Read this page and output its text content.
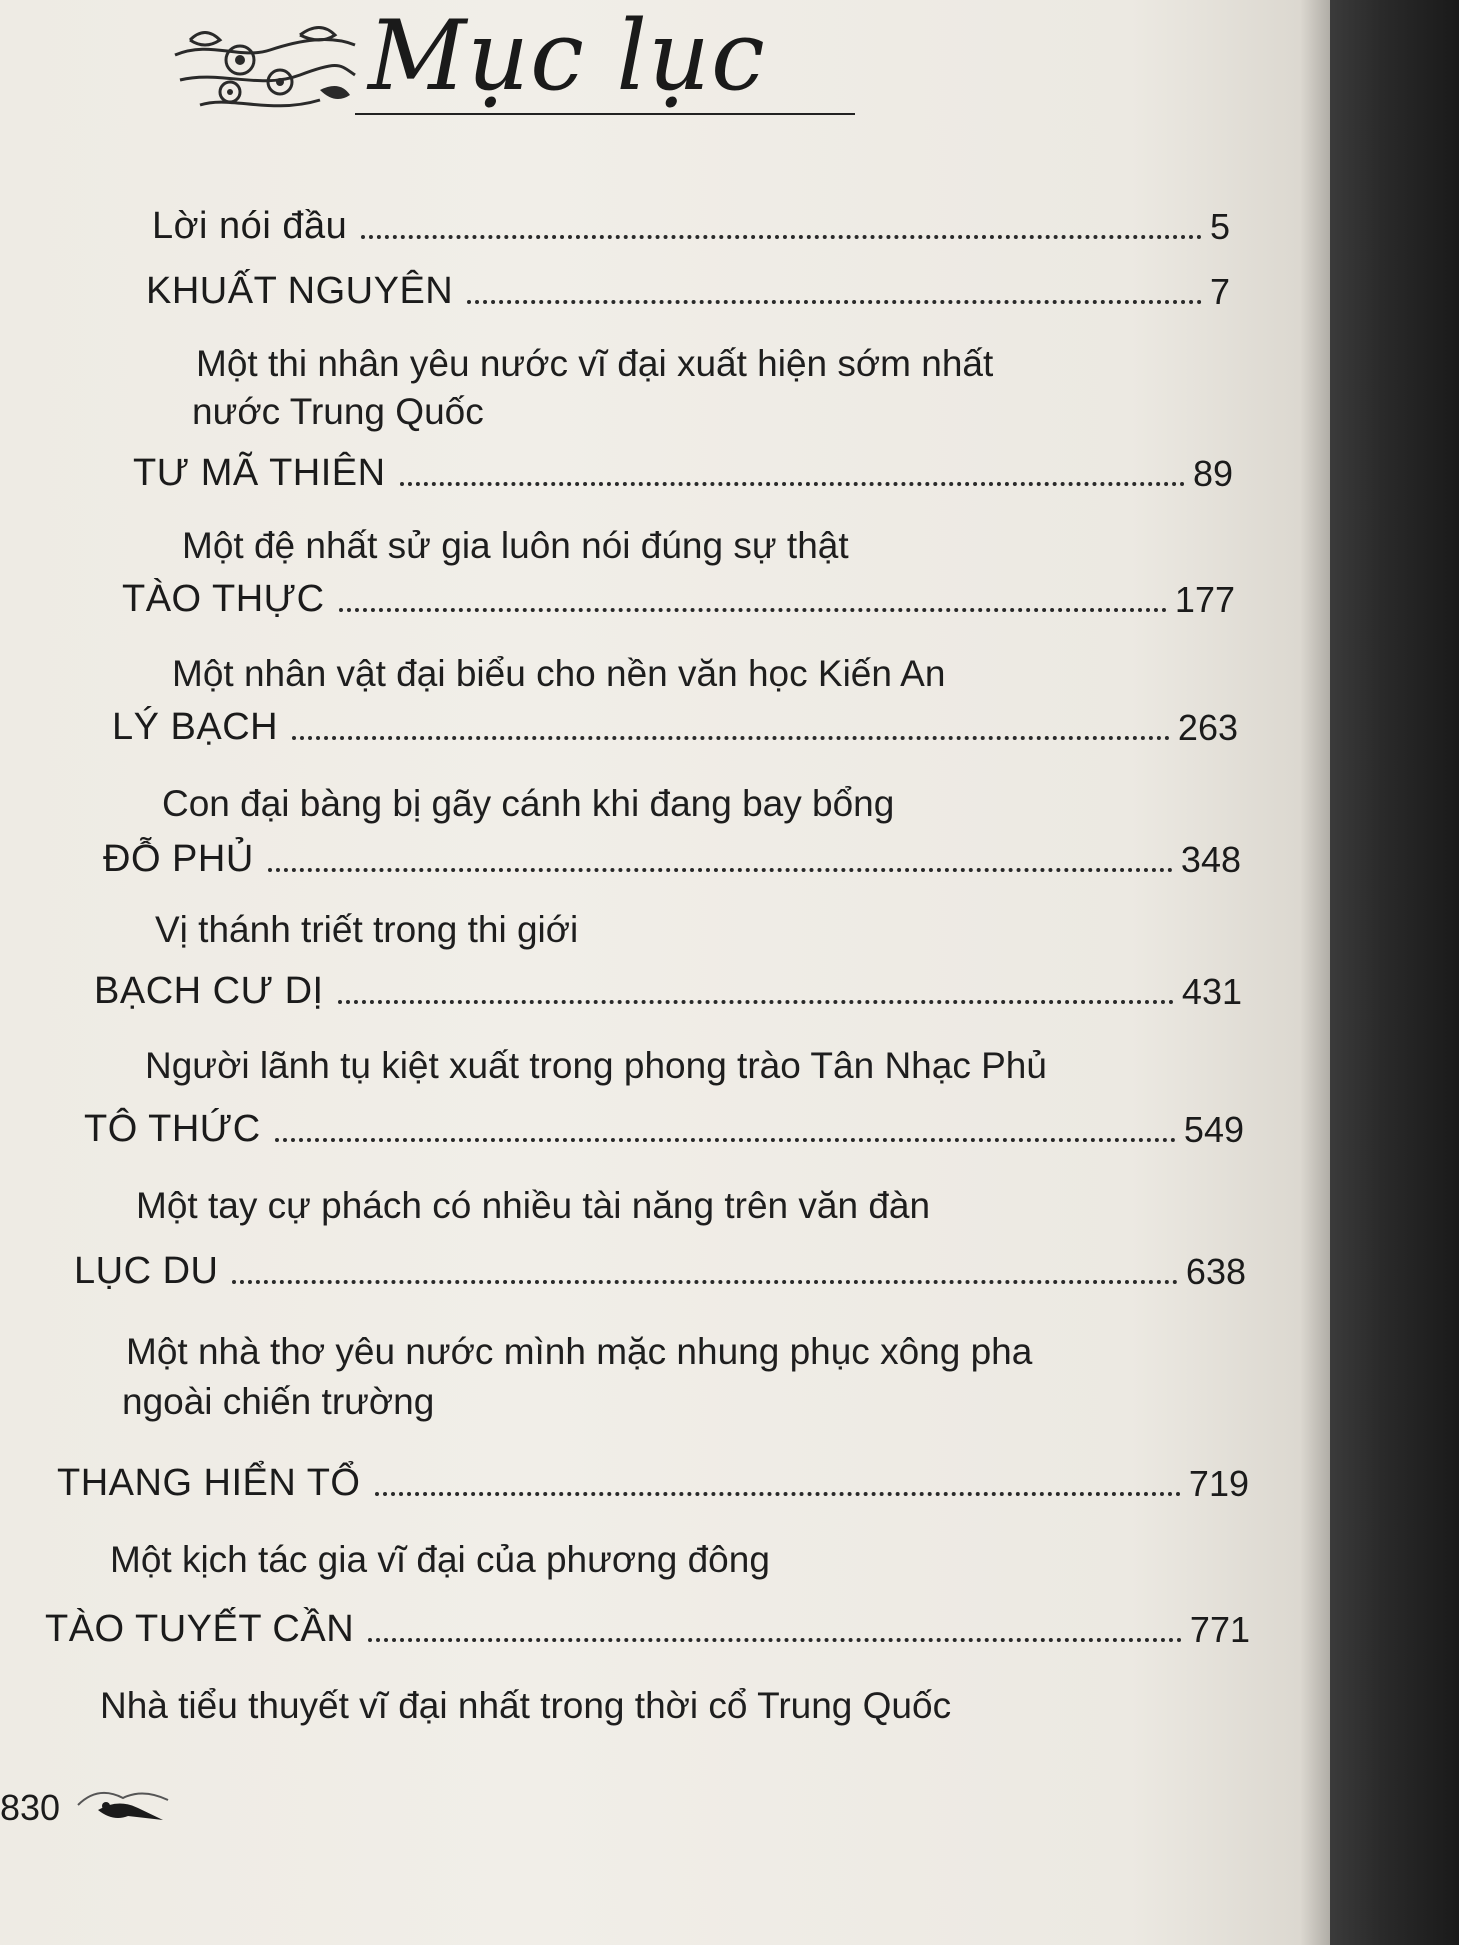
Mục lục
Lời nói đầu	5
KHUẤT NGUYÊN	7
Một thi nhân yêu nước vĩ đại xuất hiện sớm nhất
nước Trung Quốc
TƯ MÃ THIÊN	89
Một đệ nhất sử gia luôn nói đúng sự thật
TÀO THỰC	177
Một nhân vật đại biểu cho nền văn học Kiến An
LÝ BẠCH	263
Con đại bàng bị gãy cánh khi đang bay bổng
ĐỖ PHỦ	348
Vị thánh triết trong thi giới
BẠCH CƯ DỊ	431
Người lãnh tụ kiệt xuất trong phong trào Tân Nhạc Phủ
TÔ THỨC	549
Một tay cự phách có nhiều tài năng trên văn đàn
LỤC DU	638
Một nhà thơ yêu nước mình mặc nhung phục xông pha
ngoài chiến trường
THANG HIỂN TỔ	719
Một kịch tác gia vĩ đại của phương đông
TÀO TUYẾT CẦN	771
Nhà tiểu thuyết vĩ đại nhất trong thời cổ Trung Quốc
830
